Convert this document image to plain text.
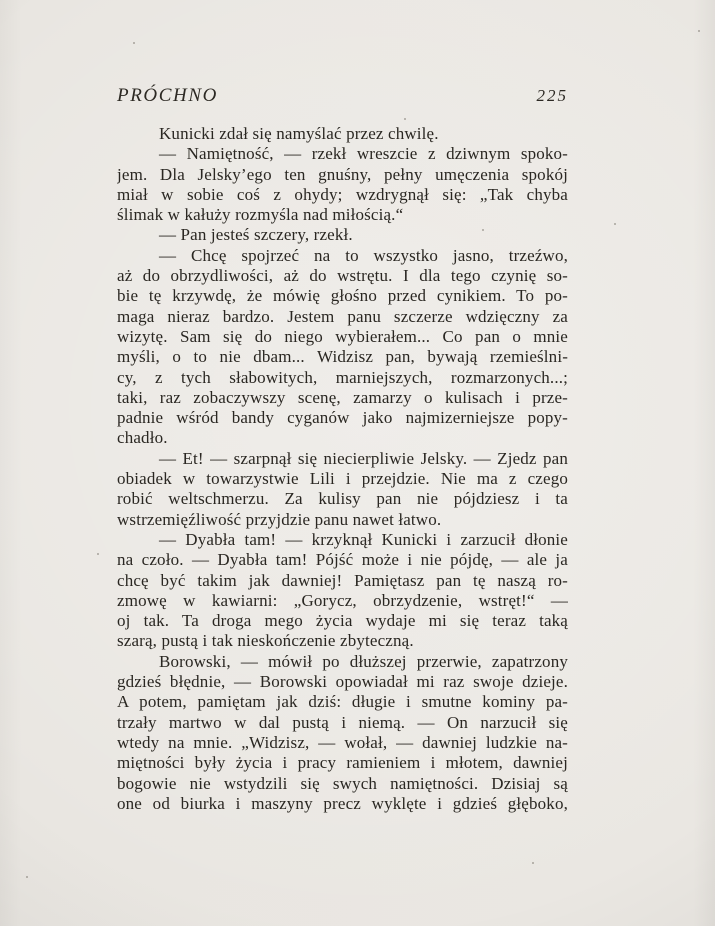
PRÓCHNO	225
Kunicki zdał się namyślać przez chwilę.
— Namiętność, — rzekł wreszcie z dziwnym spoko-
jem. Dla Jelsky’ego ten gnuśny, pełny umęczenia spokój
miał w sobie coś z ohydy; wzdrygnął się: „Tak chyba
ślimak w kałuży rozmyśla nad miłością.“
— Pan jesteś szczery, rzekł.
— Chcę spojrzeć na to wszystko jasno, trzeźwo,
aż do obrzydliwości, aż do wstrętu. I dla tego czynię so-
bie tę krzywdę, że mówię głośno przed cynikiem. To po-
maga nieraz bardzo. Jestem panu szczerze wdzięczny za
wizytę. Sam się do niego wybierałem... Co pan o mnie
myśli, o to nie dbam... Widzisz pan, bywają rzemieślni-
cy, z tych słabowitych, marniejszych, rozmarzonych...;
taki, raz zobaczywszy scenę, zamarzy o kulisach i prze-
padnie wśród bandy cyganów jako najmizerniejsze popy-
chadło.
— Et! — szarpnął się niecierpliwie Jelsky. — Zjedz pan
obiadek w towarzystwie Lili i przejdzie. Nie ma z czego
robić weltschmerzu. Za kulisy pan nie pójdziesz i ta
wstrzemięźliwość przyjdzie panu nawet łatwo.
— Dyabła tam! — krzyknął Kunicki i zarzucił dłonie
na czoło. — Dyabła tam! Pójść może i nie pójdę, — ale ja
chcę być takim jak dawniej! Pamiętasz pan tę naszą ro-
zmowę w kawiarni: „Gorycz, obrzydzenie, wstręt!“ —
oj tak. Ta droga mego życia wydaje mi się teraz taką
szarą, pustą i tak nieskończenie zbyteczną.
Borowski, — mówił po dłuższej przerwie, zapatrzony
gdzieś błędnie, — Borowski opowiadał mi raz swoje dzieje.
A potem, pamiętam jak dziś: długie i smutne kominy pa-
trzały martwo w dal pustą i niemą. — On narzucił się
wtedy na mnie. „Widzisz, — wołał, — dawniej ludzkie na-
miętności były życia i pracy ramieniem i młotem, dawniej
bogowie nie wstydzili się swych namiętności. Dzisiaj są
one od biurka i maszyny precz wyklęte i gdzieś głęboko,
